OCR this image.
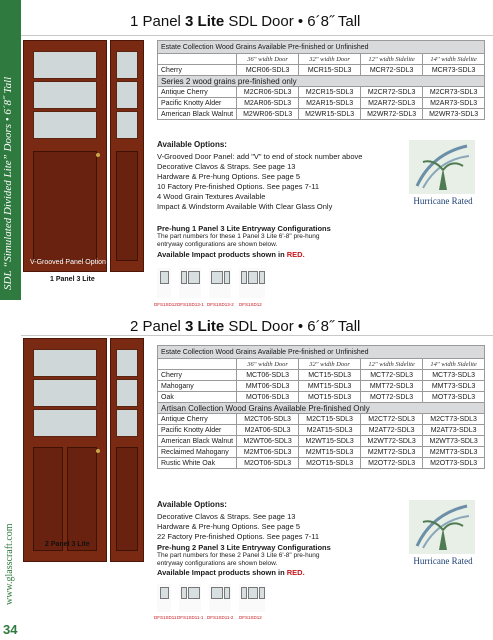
SDL “Simulated Divided Lite” Doors • 6´8˝ Tall
www.glasscraft.com
34
1 Panel 3 Lite SDL Door • 6´8˝ Tall
V-Grooved Panel Option
1 Panel 3 Lite
Estate Collection Wood Grains Available Pre-finished or Unfinished				
	36" width Door	32" width Door	12" width Sidelite	14" width Sidelite
Cherry	MCR06-SDL3	MCR15-SDL3	MCR72-SDL3	MCR73-SDL3
Series 2 wood grains pre-finished only				
Antique Cherry	M2CR06-SDL3	M2CR15-SDL3	M2CR72-SDL3	M2CR73-SDL3
Pacific Knotty Alder	M2AR06-SDL3	M2AR15-SDL3	M2AR72-SDL3	M2AR73-SDL3
American Black Walnut	M2WR06-SDL3	M2WR15-SDL3	M2WR72-SDL3	M2WR73-SDL3
Available Options:
V-Grooved Door Panel: add "V" to end of stock number above
Decorative Clavos & Straps. See page 13
Hardware & Pre-hung Options. See page 5
10 Factory Pre-finished Options. See pages 7-11
4 Wood Grain Textures Available
Impact & Windstorm Available With Clear Glass Only
Hurricane Rated
Pre-hung 1 Panel 3 Lite Entryway Configurations
The part numbers for these 1 Panel 3 Lite 6'-8" pre-hung entryway configurations are shown below.
Available Impact products shown in RED.
DFS1SD12 DFS1SD13-1 DFS1SD13-2 DFS1SD12
2 Panel 3 Lite SDL Door • 6´8˝ Tall
2 Panel 3 Lite
Estate Collection Wood Grains Available Pre-finished or Unfinished				
	36" width Door	32" width Door	12" width Sidelite	14" width Sidelite
Cherry	MCT06-SDL3	MCT15-SDL3	MCT72-SDL3	MCT73-SDL3
Mahogany	MMT06-SDL3	MMT15-SDL3	MMT72-SDL3	MMT73-SDL3
Oak	MOT06-SDL3	MOT15-SDL3	MOT72-SDL3	MOT73-SDL3
Artisan Collection Wood Grains Available Pre-finished Only				
Antique Cherry	M2CT06-SDL3	M2CT15-SDL3	M2CT72-SDL3	M2CT73-SDL3
Pacific Knotty Alder	M2AT06-SDL3	M2AT15-SDL3	M2AT72-SDL3	M2AT73-SDL3
American Black Walnut	M2WT06-SDL3	M2WT15-SDL3	M2WT72-SDL3	M2WT73-SDL3
Reclaimed Mahogany	M2MT06-SDL3	M2MT15-SDL3	M2MT72-SDL3	M2MT73-SDL3
Rustic White Oak	M2OT06-SDL3	M2OT15-SDL3	M2OT72-SDL3	M2OT73-SDL3
Available Options:
Decorative Clavos & Straps. See page 13
Hardware & Pre-hung Options. See page 5
22 Factory Pre-finished Options. See pages 7-11
Hurricane Rated
Pre-hung 2 Panel 3 Lite Entryway Configurations
The part numbers for these 2 Panel 3 Lite 6'-8" pre-hung entryway configurations are shown below.
Available Impact products shown in RED.
DFS1SD11 DFS1SD11-1 DFS1SD11-2 DFS1SD12
